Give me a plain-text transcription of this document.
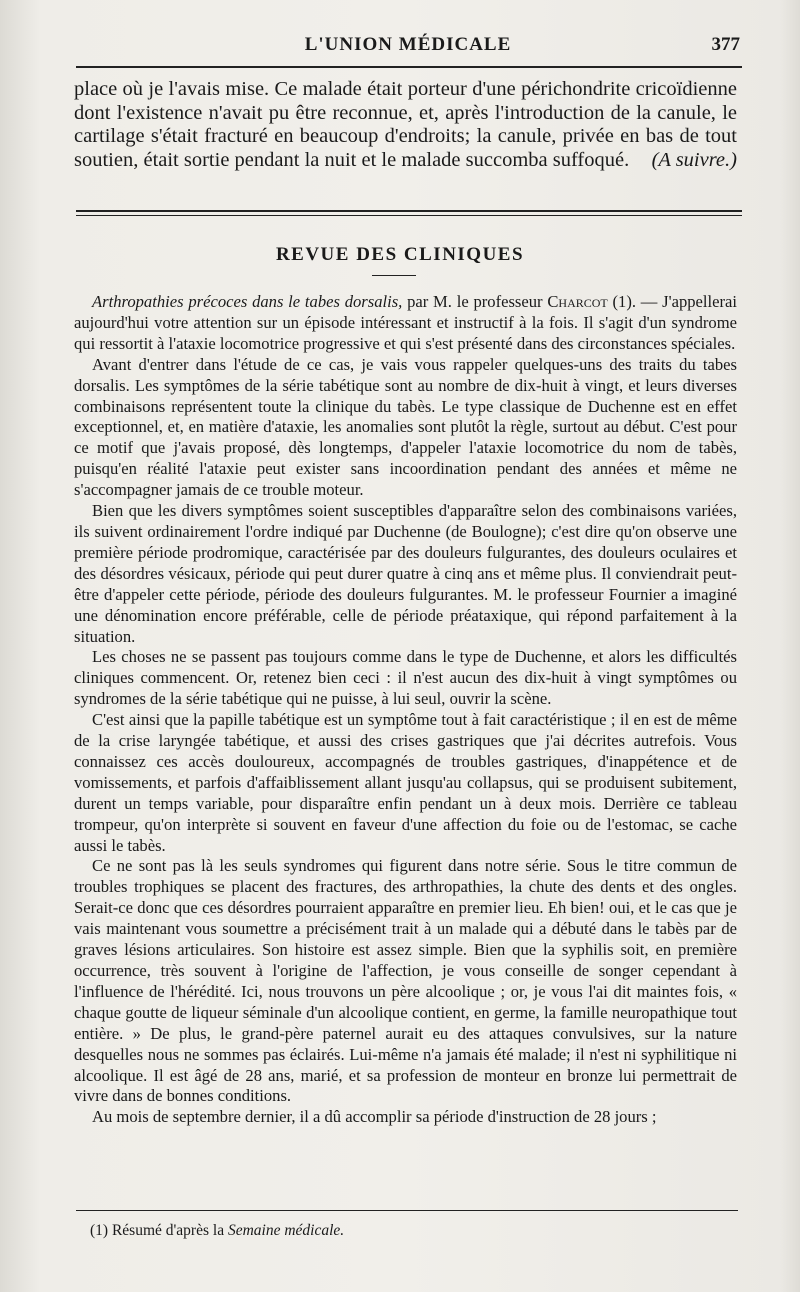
L'UNION MÉDICALE	377

place où je l'avais mise. Ce malade était porteur d'une périchondrite cricoïdienne dont l'existence n'avait pu être reconnue, et, après l'introduction de la canule, le cartilage s'était fracturé en beaucoup d'endroits; la canule, privée en bas de tout soutien, était sortie pendant la nuit et le malade succomba suffoqué. (A suivre.)

REVUE DES CLINIQUES

Arthropathies précoces dans le tabes dorsalis, par M. le professeur Charcot (1). — J'appellerai aujourd'hui votre attention sur un épisode intéressant et instructif à la fois. Il s'agit d'un syndrome qui ressortit à l'ataxie locomotrice progressive et qui s'est présenté dans des circonstances spéciales.

Avant d'entrer dans l'étude de ce cas, je vais vous rappeler quelques-uns des traits du tabes dorsalis. Les symptômes de la série tabétique sont au nombre de dix-huit à vingt, et leurs diverses combinaisons représentent toute la clinique du tabès. Le type classique de Duchenne est en effet exceptionnel, et, en matière d'ataxie, les anomalies sont plutôt la règle, surtout au début. C'est pour ce motif que j'avais proposé, dès longtemps, d'appeler l'ataxie locomotrice du nom de tabès, puisqu'en réalité l'ataxie peut exister sans incoordination pendant des années et même ne s'accompagner jamais de ce trouble moteur.

Bien que les divers symptômes soient susceptibles d'apparaître selon des combinaisons variées, ils suivent ordinairement l'ordre indiqué par Duchenne (de Boulogne); c'est dire qu'on observe une première période prodromique, caractérisée par des douleurs fulgurantes, des douleurs oculaires et des désordres vésicaux, période qui peut durer quatre à cinq ans et même plus. Il conviendrait peut-être d'appeler cette période, période des douleurs fulgurantes. M. le professeur Fournier a imaginé une dénomination encore préférable, celle de période préataxique, qui répond parfaitement à la situation.

Les choses ne se passent pas toujours comme dans le type de Duchenne, et alors les difficultés cliniques commencent. Or, retenez bien ceci : il n'est aucun des dix-huit à vingt symptômes ou syndromes de la série tabétique qui ne puisse, à lui seul, ouvrir la scène.

C'est ainsi que la papille tabétique est un symptôme tout à fait caractéristique ; il en est de même de la crise laryngée tabétique, et aussi des crises gastriques que j'ai décrites autrefois. Vous connaissez ces accès douloureux, accompagnés de troubles gastriques, d'inappétence et de vomissements, et parfois d'affaiblissement allant jusqu'au collapsus, qui se produisent subitement, durent un temps variable, pour disparaître enfin pendant un à deux mois. Derrière ce tableau trompeur, qu'on interprète si souvent en faveur d'une affection du foie ou de l'estomac, se cache aussi le tabès.

Ce ne sont pas là les seuls syndromes qui figurent dans notre série. Sous le titre commun de troubles trophiques se placent des fractures, des arthropathies, la chute des dents et des ongles. Serait-ce donc que ces désordres pourraient apparaître en premier lieu. Eh bien! oui, et le cas que je vais maintenant vous soumettre a précisément trait à un malade qui a débuté dans le tabès par de graves lésions articulaires. Son histoire est assez simple. Bien que la syphilis soit, en première occurrence, très souvent à l'origine de l'affection, je vous conseille de songer cependant à l'influence de l'hérédité. Ici, nous trouvons un père alcoolique ; or, je vous l'ai dit maintes fois, « chaque goutte de liqueur séminale d'un alcoolique contient, en germe, la famille neuropathique tout entière. » De plus, le grand-père paternel aurait eu des attaques convulsives, sur la nature desquelles nous ne sommes pas éclairés. Lui-même n'a jamais été malade; il n'est ni syphilitique ni alcoolique. Il est âgé de 28 ans, marié, et sa profession de monteur en bronze lui permettrait de vivre dans de bonnes conditions.

Au mois de septembre dernier, il a dû accomplir sa période d'instruction de 28 jours ;

(1) Résumé d'après la Semaine médicale.
